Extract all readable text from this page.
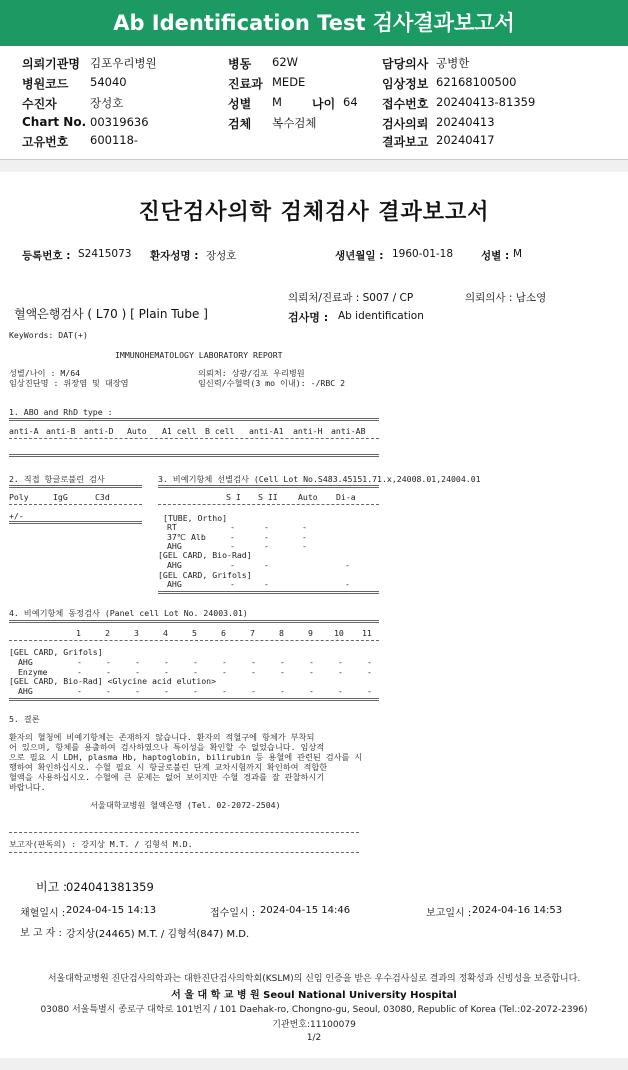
Ab Identification Test 검사결과보고서
의뢰기관명 김포우리병원
병원코드 54040
수진자	장성호
Chart No. 00319636
고유번호 600118-
병동 62W
진료과 MEDE
성별 M	나이 64
검체 복수검체
담당의사 공병한
임상정보 62168100500
접수번호 20240413-81359
검사의뢰 20240413
결과보고 20240417
진단검사의학 검체검사 결과보고서
등록번호 : S2415073 환자성명 : 장성호	생년월일 : 1960-01-18	성별 : M
의뢰처/진료과 : S007 / CP	의뢰의사 : 남소영
혈액은행검사 ( L70 ) [ Plain Tube ]	검사명 : Ab identification
KeyWords: DAT(+)
IMMUNOHEMATOLOGY LABORATORY REPORT
성별/나이 : M/64	의뢰처: 상광/김포 우리병원
임상진단명 : 위장염 및 대장염	임신력/수혈력(3 mo 이내): -/RBC 2
1. ABO and RhD type :
anti-A anti-B anti-D Auto A1 cell B cell anti-A1 anti-H anti-AB
2. 직접 항글로불린 검사
Poly	IgG	C3d
+/-
3. 비예기항체 선별검사 (Cell Lot No.S483.45151.71.x,24008.01,24004.01
S I S II Auto Di-a
[TUBE, Ortho]
RT	-	-	-
37℃ Alb	-	-	-
AHG	-	-	-
[GEL CARD, Bio-Rad]
AHG	-	-	-
[GEL CARD, Grifols]
AHG	-	-	-
4. 비예기항체 동정검사 (Panel cell Lot No. 24003.01)
1	2	3	4	5	6	7	8	9	10 11
[GEL CARD, Grifols]
AHG	-	-	-	-	-	-	-	-	-	-	-
Enzyme	-	-	-	-	-	-	-	-	-	-	-
[GEL CARD, Bio-Rad] <Glycine acid elution>
AHG	-	-	-	-	-	-	-	-	-	-	-
5. 결론
환자의 혈청에 비예기항체는 존재하지 않습니다. 환자의 적혈구에 항체가 부착되
어 있으며, 항체를 용출하여 검사하였으나 특이성을 확인할 수 없었습니다. 임상적
으로 필요 시 LDH, plasma Hb, haptoglobin, bilirubin 등 용혈에 관련된 검사를 시
행하여 확인하십시오. 수혈 필요 시 항글로불린 단계 교차시험까지 확인하여 적합한
혈액을 사용하십시오. 수혈에 큰 문제는 없어 보이지만 수혈 경과를 잘 관찰하시기
바랍니다.
서울대학교병원 혈액은행 (Tel. 02-2072-2504)
보고자(판독의) : 강지상 M.T. / 김형석 M.D.
비고 :
024041381359
채혈일시 : 2024-04-15 14:13	접수일시 : 2024-04-15 14:46	보고일시 : 2024-04-16 14:53
보 고 자 : 강지상(24465) M.T. / 김형석(847) M.D.
서울대학교병원 진단검사의학과는 대한진단검사의학회(KSLM)의 신임 인증을 받은 우수검사실로 결과의 정확성과 신빙성을 보증합니다.
서 울 대 학 교 병 원 Seoul National University Hospital
03080 서울특별시 종로구 대학로 101번지 / 101 Daehak-ro, Chongno-gu, Seoul, 03080, Republic of Korea (Tel.:02-2072-2396)
기관번호:11100079
1/2
